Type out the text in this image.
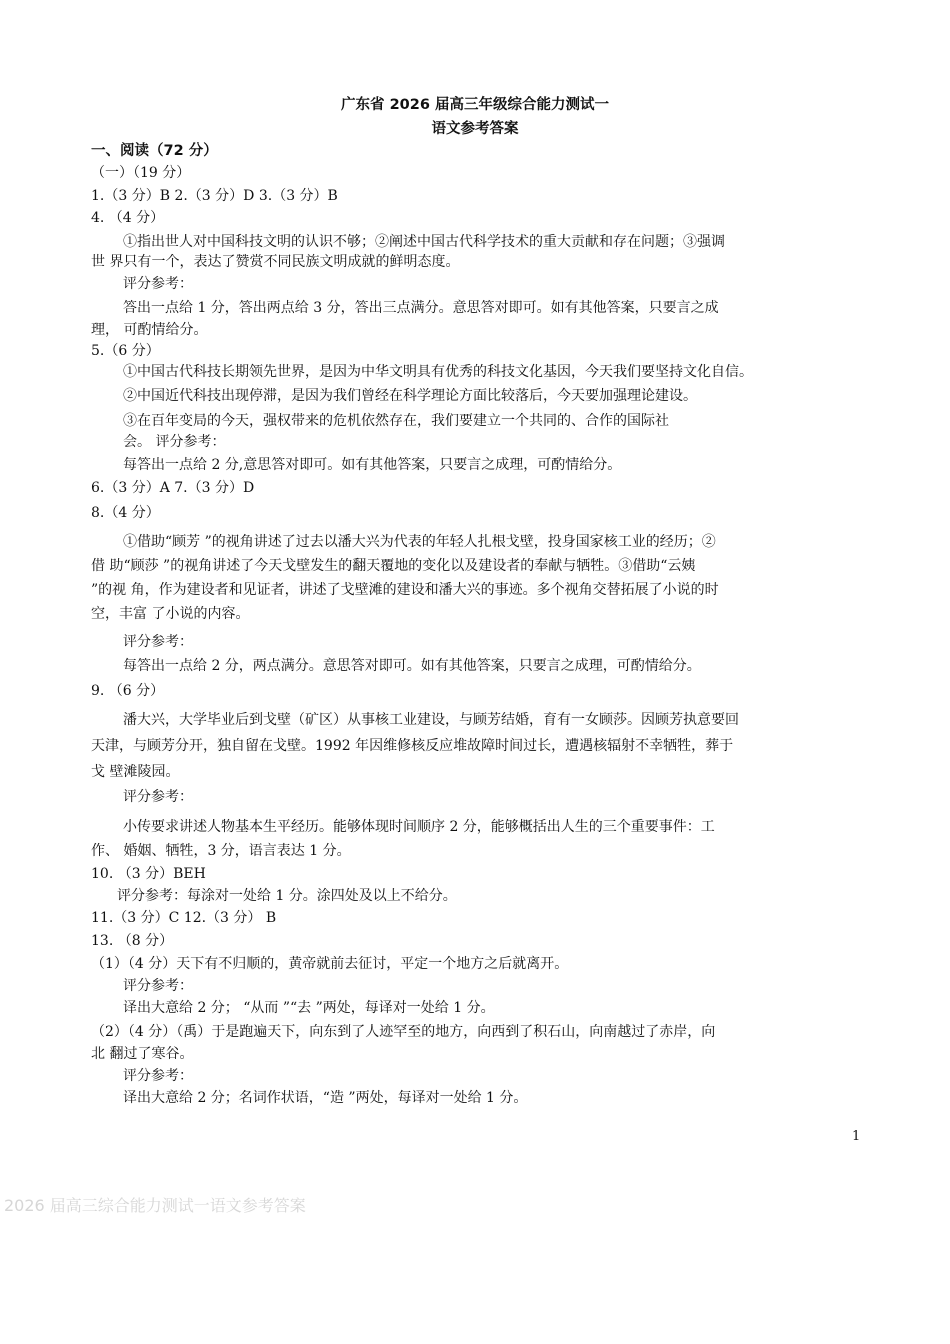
广东省 2026 届高三年级综合能力测试一
语文参考答案
一、阅读（72 分）
（一）（19 分）
1.（3 分）B 2.（3 分）D 3.（3 分）B
4. （4 分）
①指出世人对中国科技文明的认识不够；②阐述中国古代科学技术的重大贡献和存在问题；③强调
世 界只有一个，表达了赞赏不同民族文明成就的鲜明态度。
评分参考：
答出一点给 1 分，答出两点给 3 分，答出三点满分。意思答对即可。如有其他答案，只要言之成
理， 可酌情给分。
5.（6 分）
①中国古代科技长期领先世界，是因为中华文明具有优秀的科技文化基因，今天我们要坚持文化自信。
②中国近代科技出现停滞，是因为我们曾经在科学理论方面比较落后，今天要加强理论建设。
③在百年变局的今天，强权带来的危机依然存在，我们要建立一个共同的、合作的国际社
会。 评分参考：
每答出一点给 2 分,意思答对即可。如有其他答案，只要言之成理，可酌情给分。
6.（3 分）A 7.（3 分）D
8.（4 分）
①借助“顾芳 ”的视角讲述了过去以潘大兴为代表的年轻人扎根戈壁，投身国家核工业的经历；②
借 助“顾莎 ”的视角讲述了今天戈壁发生的翻天覆地的变化以及建设者的奉献与牺牲。③借助“云姨
”的视 角，作为建设者和见证者，讲述了戈壁滩的建设和潘大兴的事迹。多个视角交替拓展了小说的时
空，丰富 了小说的内容。
评分参考：
每答出一点给 2 分，两点满分。意思答对即可。如有其他答案，只要言之成理，可酌情给分。
9. （6 分）
潘大兴，大学毕业后到戈壁（矿区）从事核工业建设，与顾芳结婚，育有一女顾莎。因顾芳执意要回
天津，与顾芳分开，独自留在戈壁。1992 年因维修核反应堆故障时间过长，遭遇核辐射不幸牺牲，葬于
戈 壁滩陵园。
评分参考：
小传要求讲述人物基本生平经历。能够体现时间顺序 2 分，能够概括出人生的三个重要事件：工
作、 婚姻、牺牲，3 分，语言表达 1 分。
10. （3 分）BEH
评分参考：每涂对一处给 1 分。涂四处及以上不给分。
11.（3 分）C 12.（3 分） B
13. （8 分）
（1）（4 分）天下有不归顺的，黄帝就前去征讨，平定一个地方之后就离开。
评分参考：
译出大意给 2 分； “从而 ”“去 ”两处，每译对一处给 1 分。
（2）（4 分）（禹）于是跑遍天下，向东到了人迹罕至的地方，向西到了积石山，向南越过了赤岸，向
北 翻过了寒谷。
评分参考：
译出大意给 2 分；名词作状语，“造 ”两处，每译对一处给 1 分。
1
2026 届高三综合能力测试一语文参考答案
